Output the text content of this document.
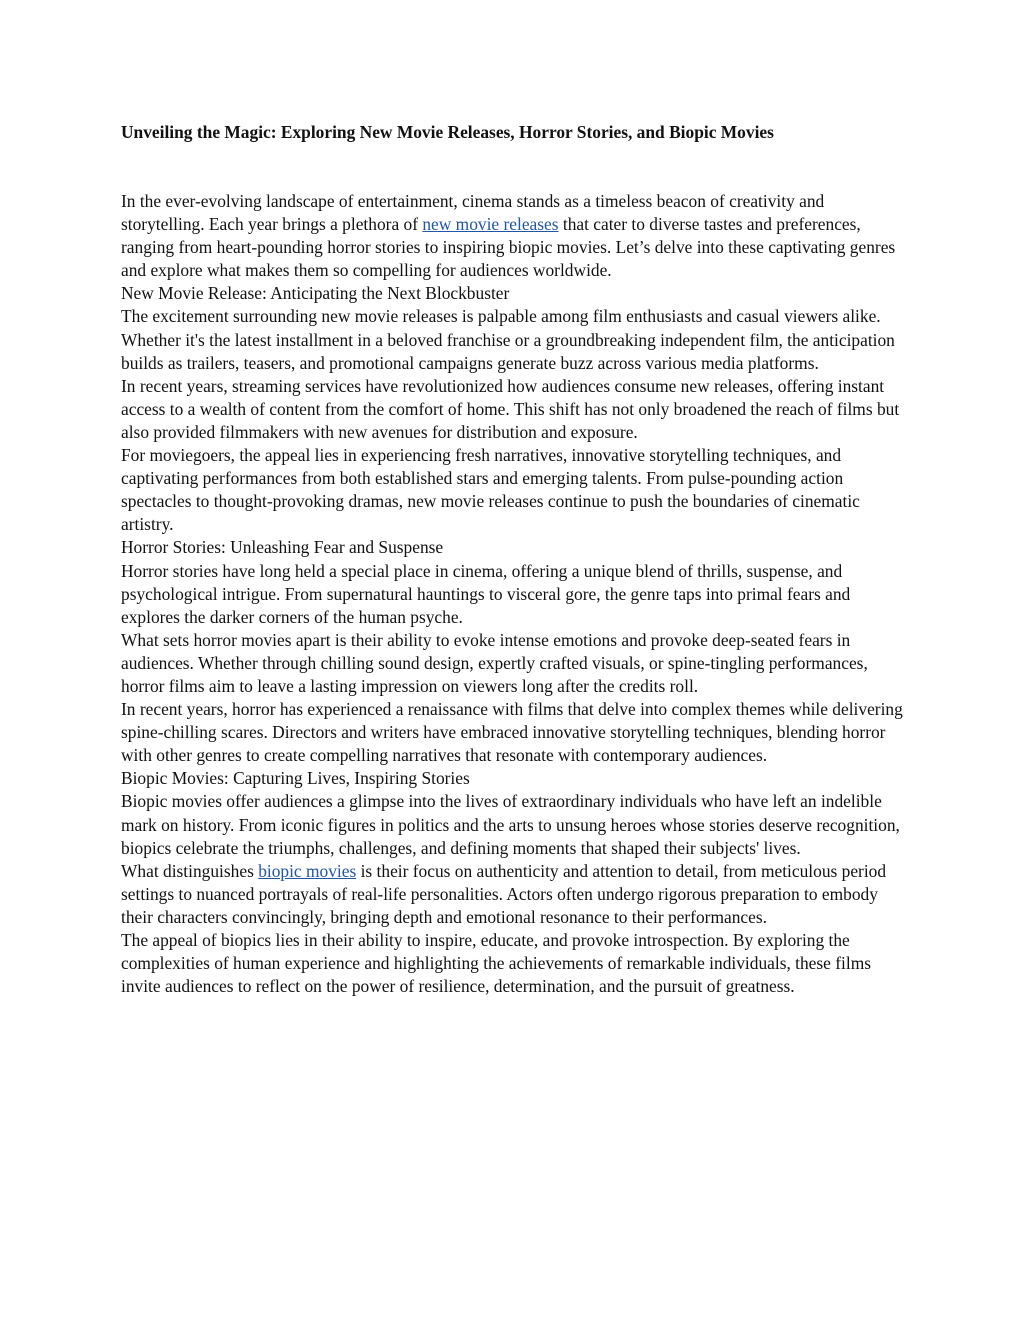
Unveiling the Magic: Exploring New Movie Releases, Horror Stories, and Biopic Movies

In the ever-evolving landscape of entertainment, cinema stands as a timeless beacon of creativity and storytelling. Each year brings a plethora of new movie releases that cater to diverse tastes and preferences, ranging from heart-pounding horror stories to inspiring biopic movies. Let’s delve into these captivating genres and explore what makes them so compelling for audiences worldwide.

New Movie Release: Anticipating the Next Blockbuster

The excitement surrounding new movie releases is palpable among film enthusiasts and casual viewers alike. Whether it's the latest installment in a beloved franchise or a groundbreaking independent film, the anticipation builds as trailers, teasers, and promotional campaigns generate buzz across various media platforms.

In recent years, streaming services have revolutionized how audiences consume new releases, offering instant access to a wealth of content from the comfort of home. This shift has not only broadened the reach of films but also provided filmmakers with new avenues for distribution and exposure.

For moviegoers, the appeal lies in experiencing fresh narratives, innovative storytelling techniques, and captivating performances from both established stars and emerging talents. From pulse-pounding action spectacles to thought-provoking dramas, new movie releases continue to push the boundaries of cinematic artistry.

Horror Stories: Unleashing Fear and Suspense

Horror stories have long held a special place in cinema, offering a unique blend of thrills, suspense, and psychological intrigue. From supernatural hauntings to visceral gore, the genre taps into primal fears and explores the darker corners of the human psyche.

What sets horror movies apart is their ability to evoke intense emotions and provoke deep-seated fears in audiences. Whether through chilling sound design, expertly crafted visuals, or spine-tingling performances, horror films aim to leave a lasting impression on viewers long after the credits roll.

In recent years, horror has experienced a renaissance with films that delve into complex themes while delivering spine-chilling scares. Directors and writers have embraced innovative storytelling techniques, blending horror with other genres to create compelling narratives that resonate with contemporary audiences.

Biopic Movies: Capturing Lives, Inspiring Stories

Biopic movies offer audiences a glimpse into the lives of extraordinary individuals who have left an indelible mark on history. From iconic figures in politics and the arts to unsung heroes whose stories deserve recognition, biopics celebrate the triumphs, challenges, and defining moments that shaped their subjects' lives.

What distinguishes biopic movies is their focus on authenticity and attention to detail, from meticulous period settings to nuanced portrayals of real-life personalities. Actors often undergo rigorous preparation to embody their characters convincingly, bringing depth and emotional resonance to their performances.

The appeal of biopics lies in their ability to inspire, educate, and provoke introspection. By exploring the complexities of human experience and highlighting the achievements of remarkable individuals, these films invite audiences to reflect on the power of resilience, determination, and the pursuit of greatness.
